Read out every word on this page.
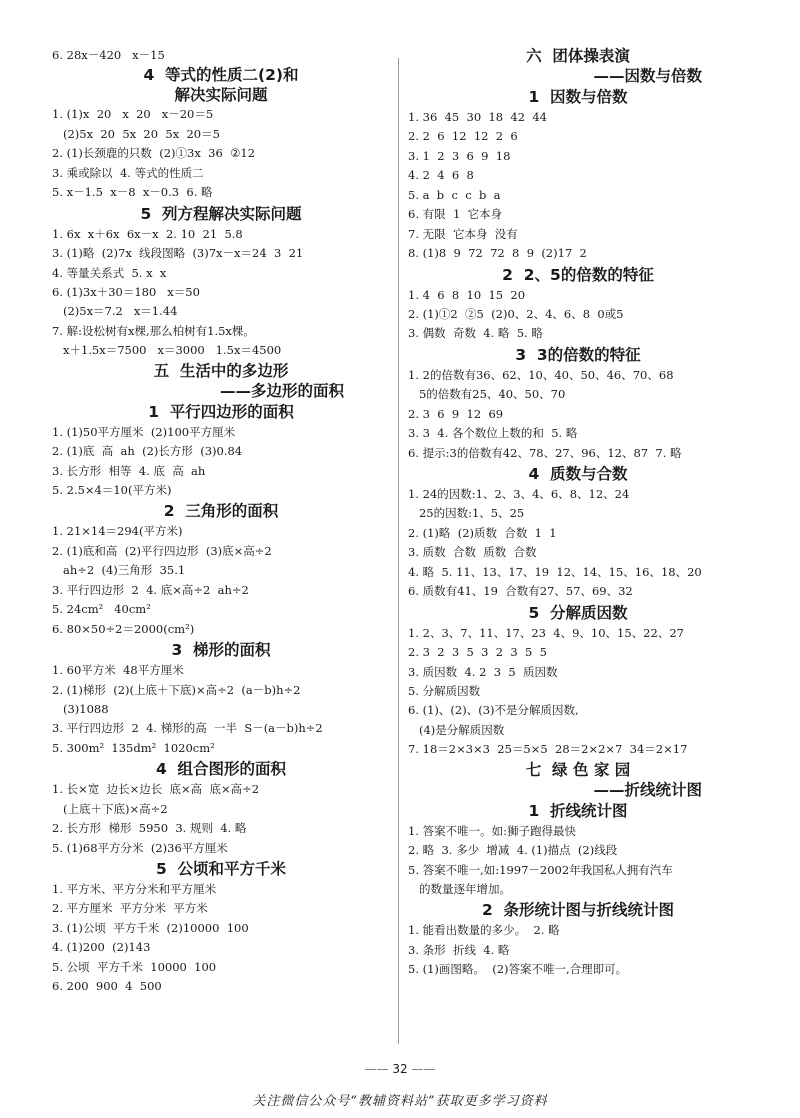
6. 28x－420   x－15
4  等式的性质二(2)和
解决实际问题
1. (1)x  20   x  20   x－20＝5
(2)5x  20  5x  20  5x  20＝5
2. (1)长颈鹿的只数  (2)①3x  36  ②12
3. 乘或除以  4. 等式的性质二
5. x－1.5  x－8  x－0.3  6. 略
5  列方程解决实际问题
1. 6x  x＋6x  6x－x  2. 10  21  5.8
3. (1)略  (2)7x  线段图略  (3)7x－x＝24  3  21
4. 等量关系式  5. x  x
6. (1)3x＋30＝180   x＝50
(2)5x＝7.2   x＝1.44
7. 解:设松树有x棵,那么柏树有1.5x棵。
x＋1.5x＝7500   x＝3000   1.5x＝4500
五  生活中的多边形
——多边形的面积
1  平行四边形的面积
1. (1)50平方厘米  (2)100平方厘米
2. (1)底  高  ah  (2)长方形  (3)0.84
3. 长方形  相等  4. 底  高  ah
5. 2.5×4＝10(平方米)
2  三角形的面积
1. 21×14＝294(平方米)
2. (1)底和高  (2)平行四边形  (3)底×高÷2
ah÷2  (4)三角形  35.1
3. 平行四边形  2  4. 底×高÷2  ah÷2
5. 24cm²   40cm²
6. 80×50÷2＝2000(cm²)
3  梯形的面积
1. 60平方米  48平方厘米
2. (1)梯形  (2)(上底＋下底)×高÷2  (a－b)h÷2
(3)1088
3. 平行四边形  2  4. 梯形的高  一半  S－(a－b)h÷2
5. 300m²  135dm²  1020cm²
4  组合图形的面积
1. 长×宽  边长×边长  底×高  底×高÷2
(上底＋下底)×高÷2
2. 长方形  梯形  5950  3. 规则  4. 略
5. (1)68平方分米  (2)36平方厘米
5  公顷和平方千米
1. 平方米、平方分米和平方厘米
2. 平方厘米  平方分米  平方米
3. (1)公顷  平方千米  (2)10000  100
4. (1)200  (2)143
5. 公顷  平方千米  10000  100
6. 200  900  4  500
六  团体操表演
——因数与倍数
1  因数与倍数
1. 36  45  30  18  42  44
2. 2  6  12  12  2  6
3. 1  2  3  6  9  18
4. 2  4  6  8
5. a  b  c  c  b  a
6. 有限  1  它本身
7. 无限  它本身  没有
8. (1)8  9  72  72  8  9  (2)17  2
2  2、5的倍数的特征
1. 4  6  8  10  15  20
2. (1)①2  ②5  (2)0、2、4、6、8  0或5
3. 偶数  奇数  4. 略  5. 略
3  3的倍数的特征
1. 2的倍数有36、62、10、40、50、46、70、68
5的倍数有25、40、50、70
2. 3  6  9  12  69
3. 3  4. 各个数位上数的和  5. 略
6. 提示:3的倍数有42、78、27、96、12、87  7. 略
4  质数与合数
1. 24的因数:1、2、3、4、6、8、12、24
25的因数:1、5、25
2. (1)略  (2)质数  合数  1  1
3. 质数  合数  质数  合数
4. 略  5. 11、13、17、19  12、14、15、16、18、20
6. 质数有41、19  合数有27、57、69、32
5  分解质因数
1. 2、3、7、11、17、23  4、9、10、15、22、27
2. 3  2  3  5  3  2  3  5  5
3. 质因数  4. 2  3  5  质因数
5. 分解质因数
6. (1)、(2)、(3)不是分解质因数,
(4)是分解质因数
7. 18＝2×3×3  25＝5×5  28＝2×2×7  34＝2×17
七  绿 色 家 园
——折线统计图
1  折线统计图
1. 答案不唯一。如:狮子跑得最快
2. 略  3. 多少  增减  4. (1)描点  (2)线段
5. 答案不唯一,如:1997－2002年我国私人拥有汽车
的数量逐年增加。
2  条形统计图与折线统计图
1. 能看出数量的多少。  2. 略
3. 条形  折线  4. 略
5. (1)画图略。  (2)答案不唯一,合理即可。
—— 32 ——
关注微信公众号“教辅资料站”获取更多学习资料
